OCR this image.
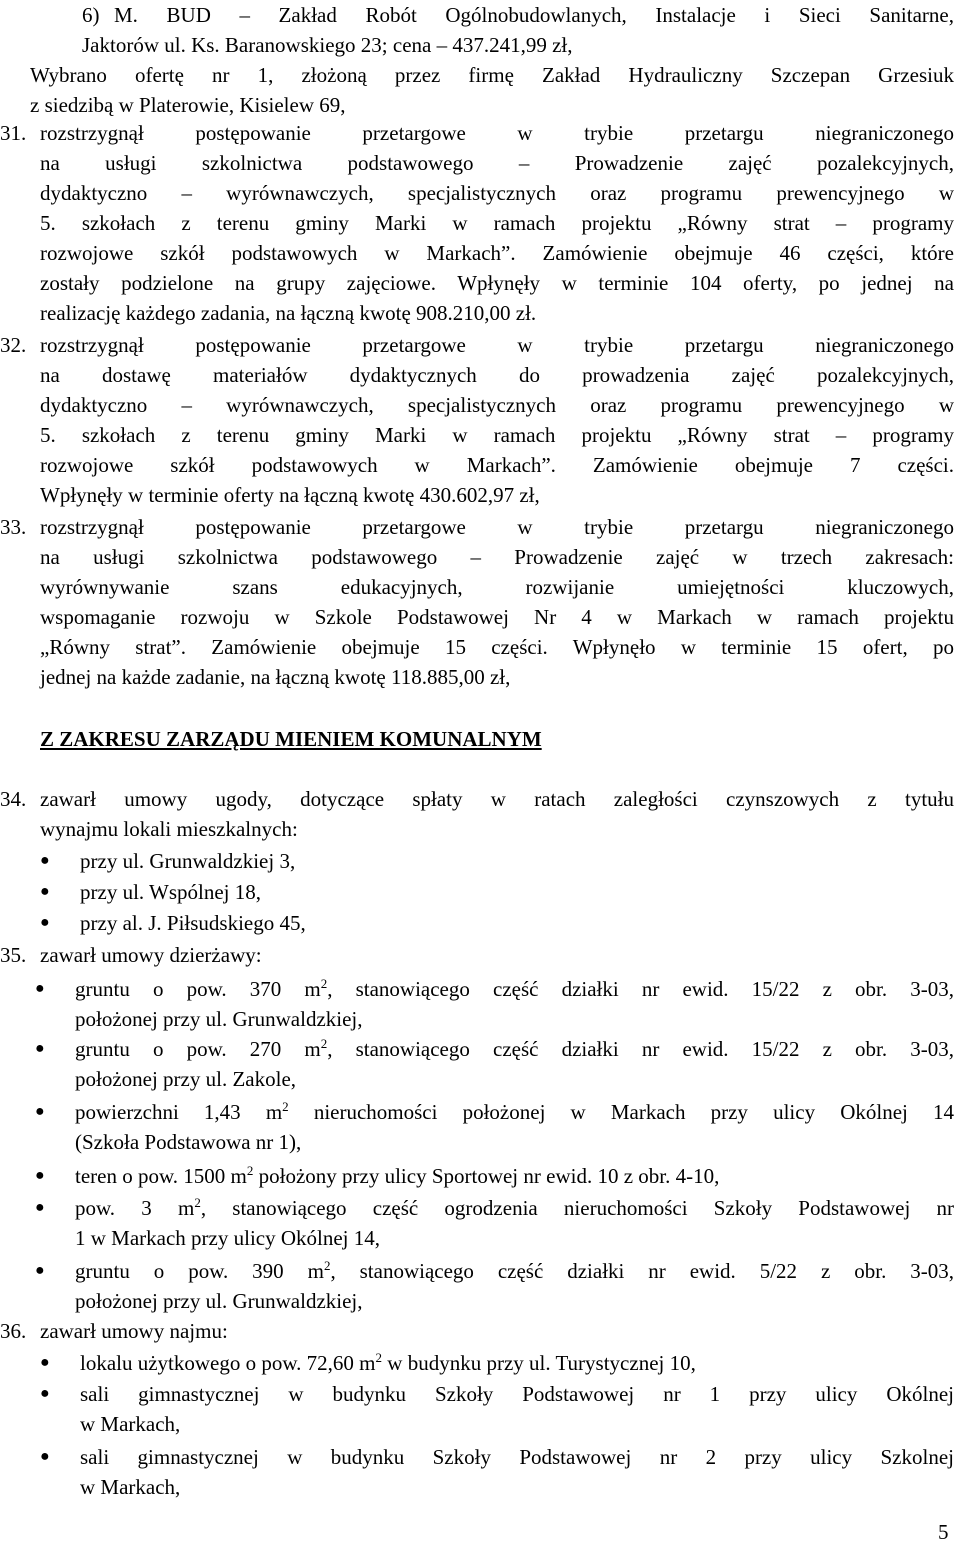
6) M. BUD – Zakład Robót Ogólnobudowlanych, Instalacje i Sieci Sanitarne,
Jaktorów ul. Ks. Baranowskiego 23; cena – 437.241,99 zł,
Wybrano ofertę nr 1, złożoną przez firmę Zakład Hydrauliczny Szczepan Grzesiuk
z siedzibą w Platerowie, Kisielew 69,
31. rozstrzygnął postępowanie przetargowe w trybie przetargu niegraniczonego
na usługi szkolnictwa podstawowego – Prowadzenie zajęć pozalekcyjnych,
dydaktyczno – wyrównawczych, specjalistycznych oraz programu prewencyjnego w
5. szkołach z terenu gminy Marki w ramach projektu „Równy strat – programy
rozwojowe szkół podstawowych w Markach”. Zamówienie obejmuje 46 części, które
zostały podzielone na grupy zajęciowe. Wpłynęły w terminie 104 oferty, po jednej na
realizację każdego zadania, na łączną kwotę 908.210,00 zł.
32. rozstrzygnął postępowanie przetargowe w trybie przetargu niegraniczonego
na dostawę materiałów dydaktycznych do prowadzenia zajęć pozalekcyjnych,
dydaktyczno – wyrównawczych, specjalistycznych oraz programu prewencyjnego w
5. szkołach z terenu gminy Marki w ramach projektu „Równy strat – programy
rozwojowe szkół podstawowych w Markach”. Zamówienie obejmuje 7 części.
Wpłynęły w terminie oferty na łączną kwotę 430.602,97 zł,
33. rozstrzygnął postępowanie przetargowe w trybie przetargu niegraniczonego
na usługi szkolnictwa podstawowego – Prowadzenie zajęć w trzech zakresach:
wyrównywanie szans edukacyjnych, rozwijanie umiejętności kluczowych,
wspomaganie rozwoju w Szkole Podstawowej Nr 4 w Markach w ramach projektu
„Równy strat”. Zamówienie obejmuje 15 części. Wpłynęło w terminie 15 ofert, po
jednej na każde zadanie, na łączną kwotę 118.885,00 zł,
Z ZAKRESU ZARZĄDU MIENIEM KOMUNALNYM
34. zawarł umowy ugody, dotyczące spłaty w ratach zaległości czynszowych z tytułu
wynajmu lokali mieszkalnych:
● przy ul. Grunwaldzkiej 3,
● przy ul. Wspólnej 18,
● przy al. J. Piłsudskiego 45,
35. zawarł umowy dzierżawy:
● gruntu o pow. 370 $m^2$, stanowiącego część działki nr ewid. 15/22 z obr. 3-03,
położonej przy ul. Grunwaldzkiej,
● gruntu o pow. 270 $m^2$, stanowiącego część działki nr ewid. 15/22 z obr. 3-03,
położonej przy ul. Zakole,
● powierzchni 1,43 $m^2$ nieruchomości położonej w Markach przy ulicy Okólnej 14
(Szkoła Podstawowa nr 1),
● teren o pow. 1500 $m^2$ położony przy ulicy Sportowej nr ewid. 10 z obr. 4-10,
● pow. 3 $m^2$, stanowiącego część ogrodzenia nieruchomości Szkoły Podstawowej nr
1 w Markach przy ulicy Okólnej 14,
● gruntu o pow. 390 $m^2$, stanowiącego część działki nr ewid. 5/22 z obr. 3-03,
położonej przy ul. Grunwaldzkiej,
36. zawarł umowy najmu:
● lokalu użytkowego o pow. 72,60 $m^2$ w budynku przy ul. Turystycznej 10,
● sali gimnastycznej w budynku Szkoły Podstawowej nr 1 przy ulicy Okólnej
w Markach,
● sali gimnastycznej w budynku Szkoły Podstawowej nr 2 przy ulicy Szkolnej
w Markach,
5
